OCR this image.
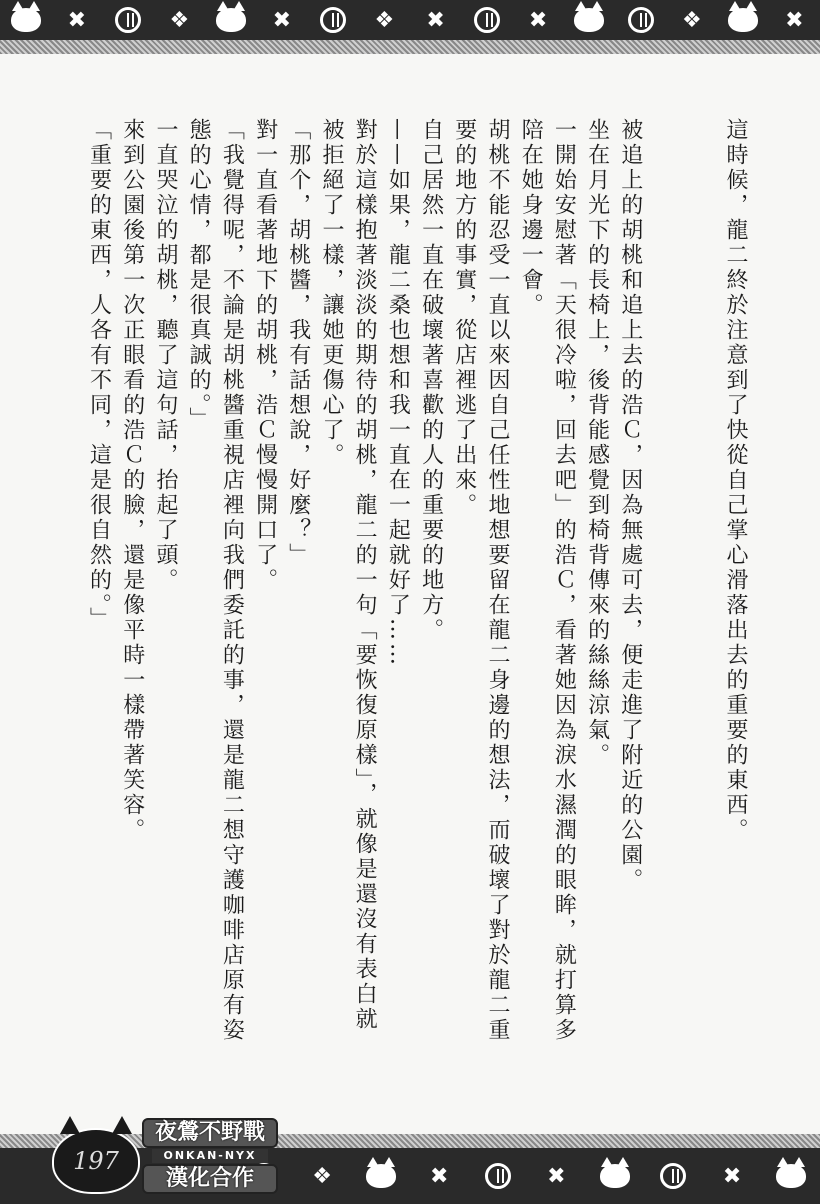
✖	❖	✖	❖ ✖	✖	❖	✖
這時候，龍二終於注意到了快從自己掌心滑落出去的重要的東西。
被追上的胡桃和追上去的浩Ｃ，因為無處可去，便走進了附近的公園。
坐在月光下的長椅上，後背能感覺到椅背傳來的絲絲涼氣。
一開始安慰著「天很冷啦，回去吧」的浩Ｃ，看著她因為淚水濕潤的眼眸，就打算多
陪在她身邊一會。
胡桃不能忍受一直以來因自己任性地想要留在龍二身邊的想法，而破壞了對於龍二重
要的地方的事實，從店裡逃了出來。
自己居然一直在破壞著喜歡的人的重要的地方。
——如果，龍二桑也想和我一直在一起就好了……
對於這樣抱著淡淡的期待的胡桃，龍二的一句「要恢復原樣」，就像是還沒有表白就
被拒絕了一樣，讓她更傷心了。
「那个，胡桃醬，我有話想說，好麼？」
對一直看著地下的胡桃，浩Ｃ慢慢開口了。
「我覺得呢，不論是胡桃醬重視店裡向我們委託的事，還是龍二想守護咖啡店原有姿
態的心情，都是很真誠的。」
一直哭泣的胡桃，聽了這句話，抬起了頭。
來到公園後第一次正眼看的浩Ｃ的臉，還是像平時一樣帶著笑容。
「重要的東西，人各有不同，這是很自然的。」
❖	✖	✖	✖
197
夜鶯不野戰
ONKAN-NYX
漢化合作
